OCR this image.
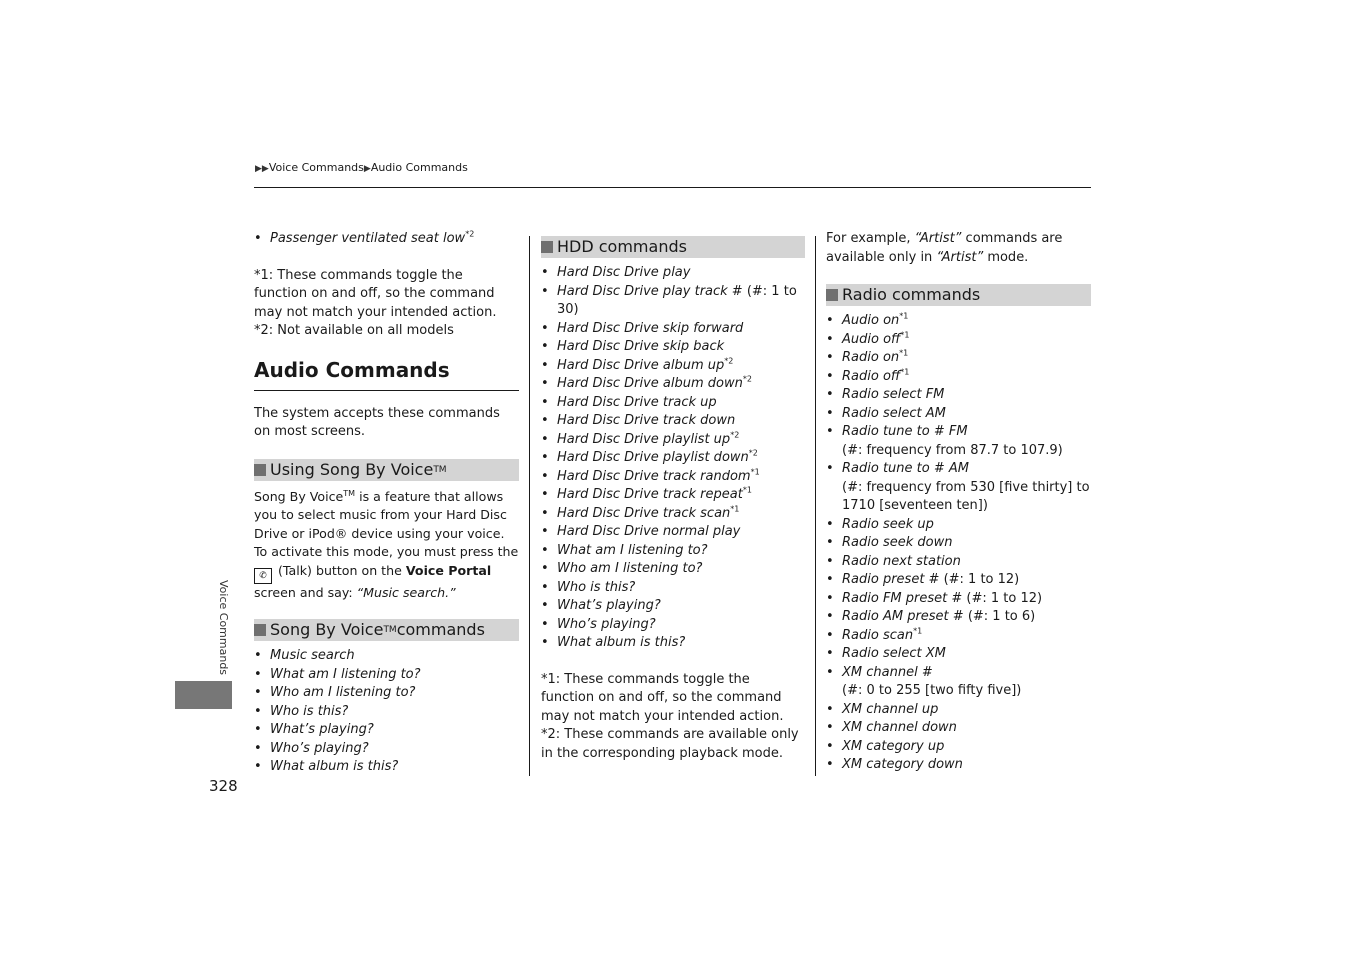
▶▶Voice Commands▶Audio Commands
• Passenger ventilated seat low$^{*2}$

*1: These commands toggle the function on and off, so the command may not match your intended action.

*2: Not available on all models

Audio Commands

The system accepts these commands on most screens.

Using Song By Voice TM

Song By Voice™ is a feature that allows you to select music from your Hard Disc Drive or iPod® device using your voice.

To activate this mode, you must press the
✆ (Talk) button on the Voice Portal screen and say: “Music search.”

Song By Voice TM commands
• Music search
• What am I listening to?
• Who am I listening to?
• Who is this?
• What’s playing?
• Who’s playing?
• What album is this?
HDD commands
• Hard Disc Drive play
• Hard Disc Drive play track # (#: 1 to 30)
• Hard Disc Drive skip forward
• Hard Disc Drive skip back
• Hard Disc Drive album $up^{*2}$
• Hard Disc Drive album down$^{*2}$
• Hard Disc Drive track up
• Hard Disc Drive track down
• Hard Disc Drive playlist $up^{*2}$
• Hard Disc Drive playlist down$^{*2}$
• Hard Disc Drive track random$^{*1}$
• Hard Disc Drive track repeat$^{*1}$
• Hard Disc Drive track scan$^{*1}$
• Hard Disc Drive normal play
• What am I listening to?
• Who am I listening to?
• Who is this?
• What’s playing?
• Who’s playing?
• What album is this?

*1: These commands toggle the function on and off, so the command may not match your intended action.

*2: These commands are available only in the corresponding playback mode.

For example, “Artist” commands are available only in “Artist” mode.

Radio commands
• Audio $on^{*1}$
• Audio off$^{*1}$
• Radio $on^{*1}$
• Radio off$^{*1}$
• Radio select FM
• Radio select AM
• Radio tune to # FM
(#: frequency from 87.7 to 107.9)
• Radio tune to # AM
(#: frequency from 530 [five thirty] to 1710 [seventeen ten])
• Radio seek up
• Radio seek down
• Radio next station
• Radio preset # (#: 1 to 12)
• Radio FM preset # (#: 1 to 12)
• Radio AM preset # (#: 1 to 6)
• Radio scan$^{*1}$
• Radio select XM
• XM channel #
(#: 0 to 255 [two fifty five])
• XM channel up
• XM channel down
• XM category up
• XM category down
Voice Commands
328
